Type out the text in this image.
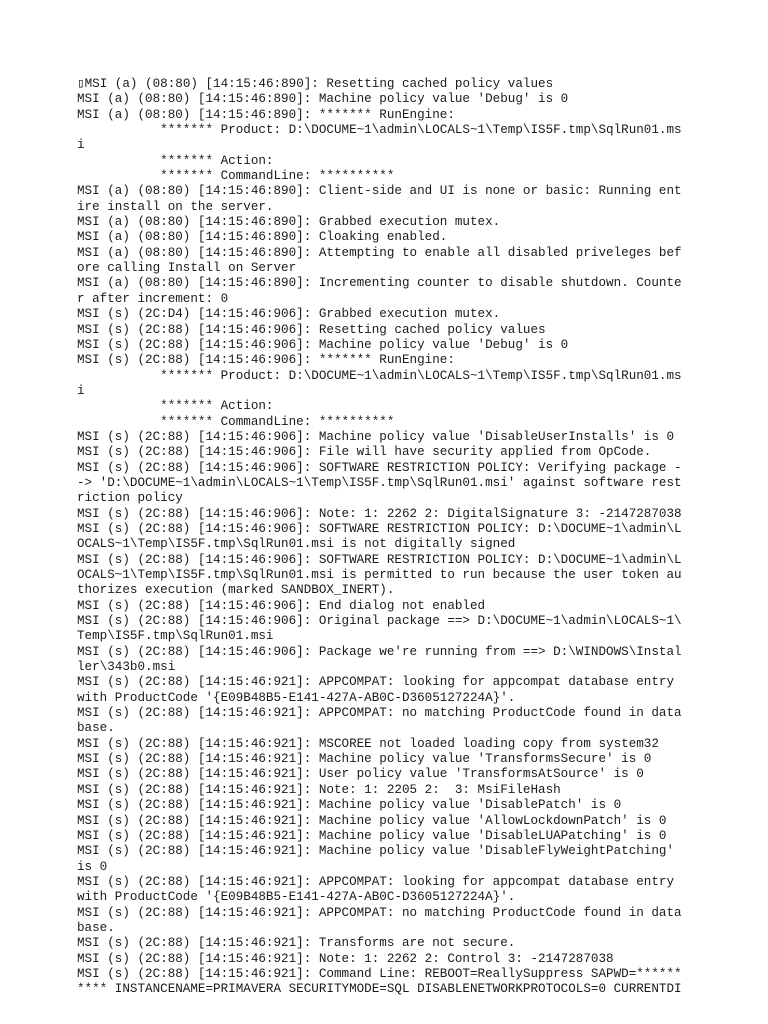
▯MSI (a) (08:80) [14:15:46:890]: Resetting cached policy values
MSI (a) (08:80) [14:15:46:890]: Machine policy value 'Debug' is 0
MSI (a) (08:80) [14:15:46:890]: ******* RunEngine:
******* Product: D:\DOCUME~1\admin\LOCALS~1\Temp\IS5F.tmp\SqlRun01.ms
i
******* Action:
******* CommandLine: **********
MSI (a) (08:80) [14:15:46:890]: Client-side and UI is none or basic: Running ent
ire install on the server.
MSI (a) (08:80) [14:15:46:890]: Grabbed execution mutex.
MSI (a) (08:80) [14:15:46:890]: Cloaking enabled.
MSI (a) (08:80) [14:15:46:890]: Attempting to enable all disabled priveleges bef
ore calling Install on Server
MSI (a) (08:80) [14:15:46:890]: Incrementing counter to disable shutdown. Counte
r after increment: 0
MSI (s) (2C:D4) [14:15:46:906]: Grabbed execution mutex.
MSI (s) (2C:88) [14:15:46:906]: Resetting cached policy values
MSI (s) (2C:88) [14:15:46:906]: Machine policy value 'Debug' is 0
MSI (s) (2C:88) [14:15:46:906]: ******* RunEngine:
******* Product: D:\DOCUME~1\admin\LOCALS~1\Temp\IS5F.tmp\SqlRun01.ms
i
******* Action:
******* CommandLine: **********
MSI (s) (2C:88) [14:15:46:906]: Machine policy value 'DisableUserInstalls' is 0
MSI (s) (2C:88) [14:15:46:906]: File will have security applied from OpCode.
MSI (s) (2C:88) [14:15:46:906]: SOFTWARE RESTRICTION POLICY: Verifying package -
-> 'D:\DOCUME~1\admin\LOCALS~1\Temp\IS5F.tmp\SqlRun01.msi' against software rest
riction policy
MSI (s) (2C:88) [14:15:46:906]: Note: 1: 2262 2: DigitalSignature 3: -2147287038
MSI (s) (2C:88) [14:15:46:906]: SOFTWARE RESTRICTION POLICY: D:\DOCUME~1\admin\L
OCALS~1\Temp\IS5F.tmp\SqlRun01.msi is not digitally signed
MSI (s) (2C:88) [14:15:46:906]: SOFTWARE RESTRICTION POLICY: D:\DOCUME~1\admin\L
OCALS~1\Temp\IS5F.tmp\SqlRun01.msi is permitted to run because the user token au
thorizes execution (marked SANDBOX_INERT).
MSI (s) (2C:88) [14:15:46:906]: End dialog not enabled
MSI (s) (2C:88) [14:15:46:906]: Original package ==> D:\DOCUME~1\admin\LOCALS~1\
Temp\IS5F.tmp\SqlRun01.msi
MSI (s) (2C:88) [14:15:46:906]: Package we're running from ==> D:\WINDOWS\Instal
ler\343b0.msi
MSI (s) (2C:88) [14:15:46:921]: APPCOMPAT: looking for appcompat database entry
with ProductCode '{E09B48B5-E141-427A-AB0C-D3605127224A}'.
MSI (s) (2C:88) [14:15:46:921]: APPCOMPAT: no matching ProductCode found in data
base.
MSI (s) (2C:88) [14:15:46:921]: MSCOREE not loaded loading copy from system32
MSI (s) (2C:88) [14:15:46:921]: Machine policy value 'TransformsSecure' is 0
MSI (s) (2C:88) [14:15:46:921]: User policy value 'TransformsAtSource' is 0
MSI (s) (2C:88) [14:15:46:921]: Note: 1: 2205 2:  3: MsiFileHash
MSI (s) (2C:88) [14:15:46:921]: Machine policy value 'DisablePatch' is 0
MSI (s) (2C:88) [14:15:46:921]: Machine policy value 'AllowLockdownPatch' is 0
MSI (s) (2C:88) [14:15:46:921]: Machine policy value 'DisableLUAPatching' is 0
MSI (s) (2C:88) [14:15:46:921]: Machine policy value 'DisableFlyWeightPatching'
is 0
MSI (s) (2C:88) [14:15:46:921]: APPCOMPAT: looking for appcompat database entry
with ProductCode '{E09B48B5-E141-427A-AB0C-D3605127224A}'.
MSI (s) (2C:88) [14:15:46:921]: APPCOMPAT: no matching ProductCode found in data
base.
MSI (s) (2C:88) [14:15:46:921]: Transforms are not secure.
MSI (s) (2C:88) [14:15:46:921]: Note: 1: 2262 2: Control 3: -2147287038
MSI (s) (2C:88) [14:15:46:921]: Command Line: REBOOT=ReallySuppress SAPWD=******
**** INSTANCENAME=PRIMAVERA SECURITYMODE=SQL DISABLENETWORKPROTOCOLS=0 CURRENTDI
